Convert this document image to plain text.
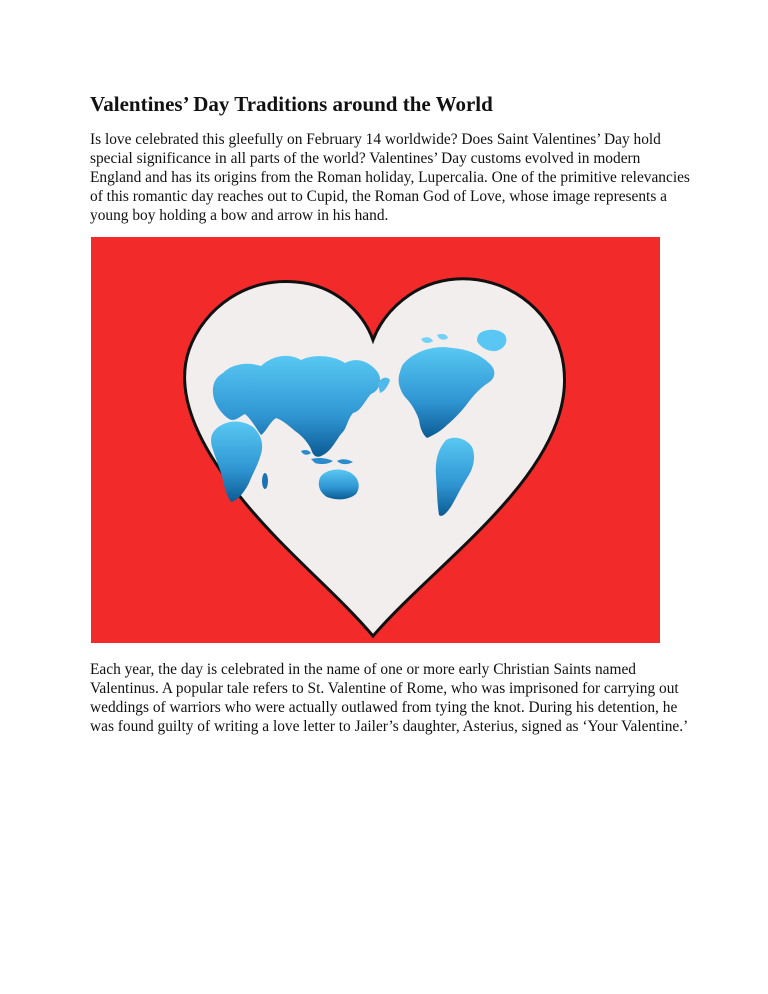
Valentines’ Day Traditions around the World

Is love celebrated this gleefully on February 14 worldwide? Does Saint Valentines’ Day hold special significance in all parts of the world? Valentines’ Day customs evolved in modern England and has its origins from the Roman holiday, Lupercalia. One of the primitive relevancies of this romantic day reaches out to Cupid, the Roman God of Love, whose image represents a young boy holding a bow and arrow in his hand.

Each year, the day is celebrated in the name of one or more early Christian Saints named Valentinus. A popular tale refers to St. Valentine of Rome, who was imprisoned for carrying out weddings of warriors who were actually outlawed from tying the knot. During his detention, he was found guilty of writing a love letter to Jailer’s daughter, Asterius, signed as ‘Your Valentine.’
